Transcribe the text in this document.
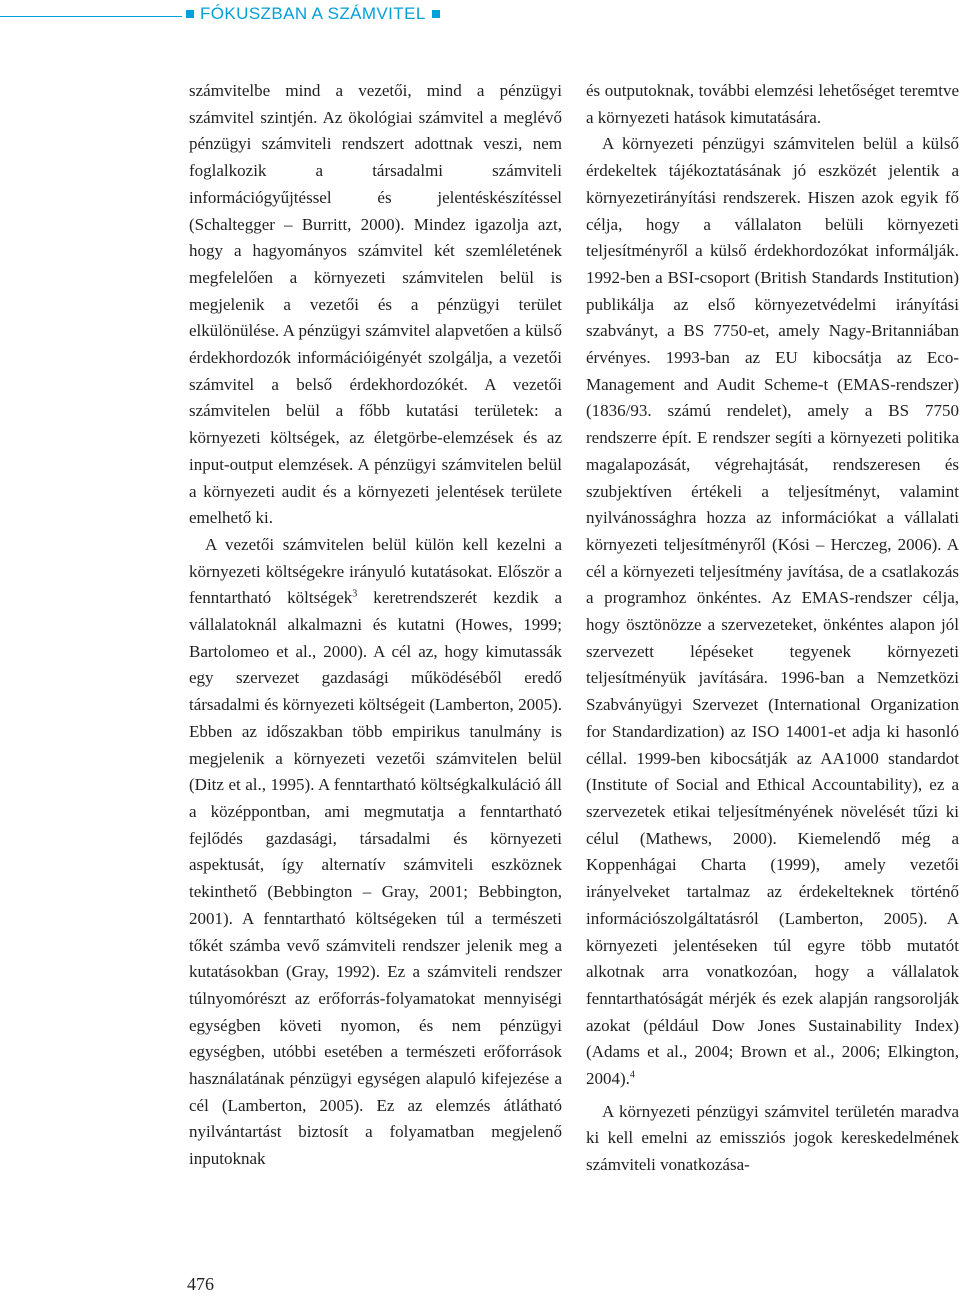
FÓKUSZBAN A SZÁMVITEL

számvitelbe mind a vezetői, mind a pénzügyi számvitel szintjén. Az ökológiai számvitel a meglévő pénzügyi számviteli rendszert adottnak veszi, nem foglalkozik a társadalmi számviteli információgyűjtéssel és jelentéskészítéssel (Schaltegger – Burritt, 2000). Mindez igazolja azt, hogy a hagyományos számvitel két szemléletének megfelelően a környezeti számvitelen belül is megjelenik a vezetői és a pénzügyi terület elkülönülése. A pénzügyi számvitel alapvetően a külső érdekhordozók információigényét szolgálja, a vezetői számvitel a belső érdekhordozókét. A vezetői számvitelen belül a főbb kutatási területek: a környezeti költségek, az életgörbe-elemzések és az input-output elemzések. A pénzügyi számvitelen belül a környezeti audit és a környezeti jelentések területe emelhető ki.

A vezetői számvitelen belül külön kell kezelni a környezeti költségekre irányuló kutatásokat. Először a fenntartható költségek$^3$ keretrendszerét kezdik a vállalatoknál alkalmazni és kutatni (Howes, 1999; Bartolomeo et al., 2000). A cél az, hogy kimutassák egy szervezet gazdasági működéséből eredő társadalmi és környezeti költségeit (Lamberton, 2005). Ebben az időszakban több empirikus tanulmány is megjelenik a környezeti vezetői számvitelen belül (Ditz et al., 1995). A fenntartható költségkalkuláció áll a középpontban, ami megmutatja a fenntartható fejlődés gazdasági, társadalmi és környezeti aspektusát, így alternatív számviteli eszköznek tekinthető (Bebbington – Gray, 2001; Bebbington, 2001). A fenntartható költségeken túl a természeti tőkét számba vevő számviteli rendszer jelenik meg a kutatásokban (Gray, 1992). Ez a számviteli rendszer túlnyomórészt az erőforrás-folyamatokat mennyiségi egységben követi nyomon, és nem pénzügyi egységben, utóbbi esetében a természeti erőforrások használatának pénzügyi egységen alapuló kifejezése a cél (Lamberton, 2005). Ez az elemzés átlátható nyilvántartást biztosít a folyamatban megjelenő inputoknak

és outputoknak, további elemzési lehetőséget teremtve a környezeti hatások kimutatására.

A környezeti pénzügyi számvitelen belül a külső érdekeltek tájékoztatásának jó eszközét jelentik a környezetirányítási rendszerek. Hiszen azok egyik fő célja, hogy a vállalaton belüli környezeti teljesítményről a külső érdekhordozókat informálják. 1992-ben a BSI-csoport (British Standards Institution) publikálja az első környezetvédelmi irányítási szabványt, a BS 7750-et, amely Nagy-Britanniában érvényes. 1993-ban az EU kibocsátja az Eco-Management and Audit Scheme-t (EMAS-rendszer) (1836/93. számú rendelet), amely a BS 7750 rendszerre épít. E rendszer segíti a környezeti politika magalapozását, végrehajtását, rendszeresen és szubjektíven értékeli a teljesítményt, valamint nyilvánossághra hozza az információkat a vállalati környezeti teljesítményről (Kósi – Herczeg, 2006). A cél a környezeti teljesítmény javítása, de a csatlakozás a programhoz önkéntes. Az EMAS-rendszer célja, hogy ösztönözze a szervezeteket, önkéntes alapon jól szervezett lépéseket tegyenek környezeti teljesítményük javítására. 1996-ban a Nemzetközi Szabványügyi Szervezet (International Organization for Standardization) az ISO 14001-et adja ki hasonló céllal. 1999-ben kibocsátják az AA1000 standardot (Institute of Social and Ethical Accountability), ez a szervezetek etikai teljesítményének növelését tűzi ki célul (Mathews, 2000). Kiemelendő még a Koppenhágai Charta (1999), amely vezetői irányelveket tartalmaz az érdekelteknek történő információszolgáltatásról (Lamberton, 2005). A környezeti jelentéseken túl egyre több mutatót alkotnak arra vonatkozóan, hogy a vállalatok fenntarthatóságát mérjék és ezek alapján rangsorolják azokat (például Dow Jones Sustainability Index) (Adams et al., 2004; Brown et al., 2006; Elkington, 2004).$^4$

A környezeti pénzügyi számvitel területén maradva ki kell emelni az emissziós jogok kereskedelmének számviteli vonatkozása-

476
